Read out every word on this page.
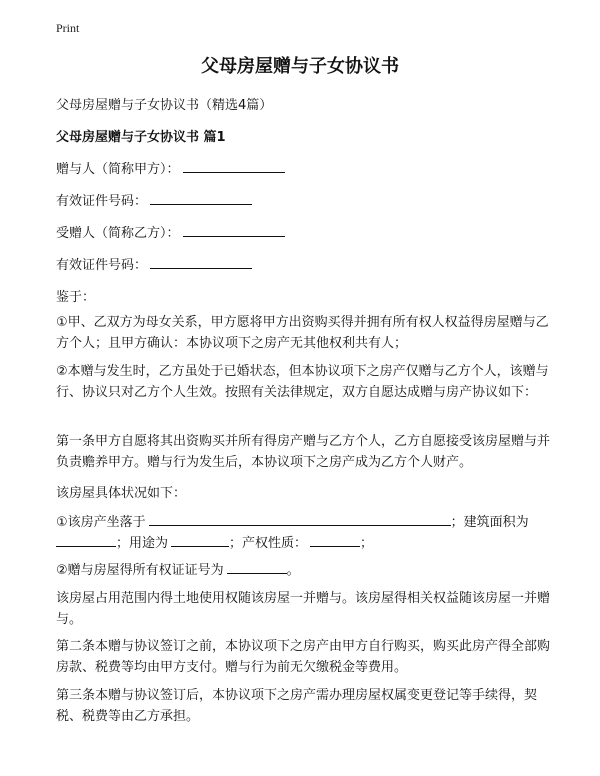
Print
父母房屋赠与子女协议书
父母房屋赠与子女协议书（精选4篇）
父母房屋赠与子女协议书 篇1
赠与人（简称甲方）：
有效证件号码：
受赠人（简称乙方）：
有效证件号码：
鉴于：

①甲、乙双方为母女关系，甲方愿将甲方出资购买得并拥有所有权人权益得房屋赠与乙方个人；且甲方确认：本协议项下之房产无其他权利共有人；

②本赠与发生时，乙方虽处于已婚状态，但本协议项下之房产仅赠与乙方个人，该赠与行、协议只对乙方个人生效。按照有关法律规定，双方自愿达成赠与房产协议如下：

第一条甲方自愿将其出资购买并所有得房产赠与乙方个人，乙方自愿接受该房屋赠与并负责赡养甲方。赠与行为发生后，本协议项下之房产成为乙方个人财产。

该房屋具体状况如下：
①该房产坐落于	；建筑面积为
；用途为	；产权性质：	；
②赠与房屋得所有权证证号为	。

该房屋占用范围内得土地使用权随该房屋一并赠与。该房屋得相关权益随该房屋一并赠与。

第二条本赠与协议签订之前，本协议项下之房产由甲方自行购买，购买此房产得全部购房款、税费等均由甲方支付。赠与行为前无欠缴税金等费用。

第三条本赠与协议签订后，本协议项下之房产需办理房屋权属变更登记等手续得，契税、税费等由乙方承担。
